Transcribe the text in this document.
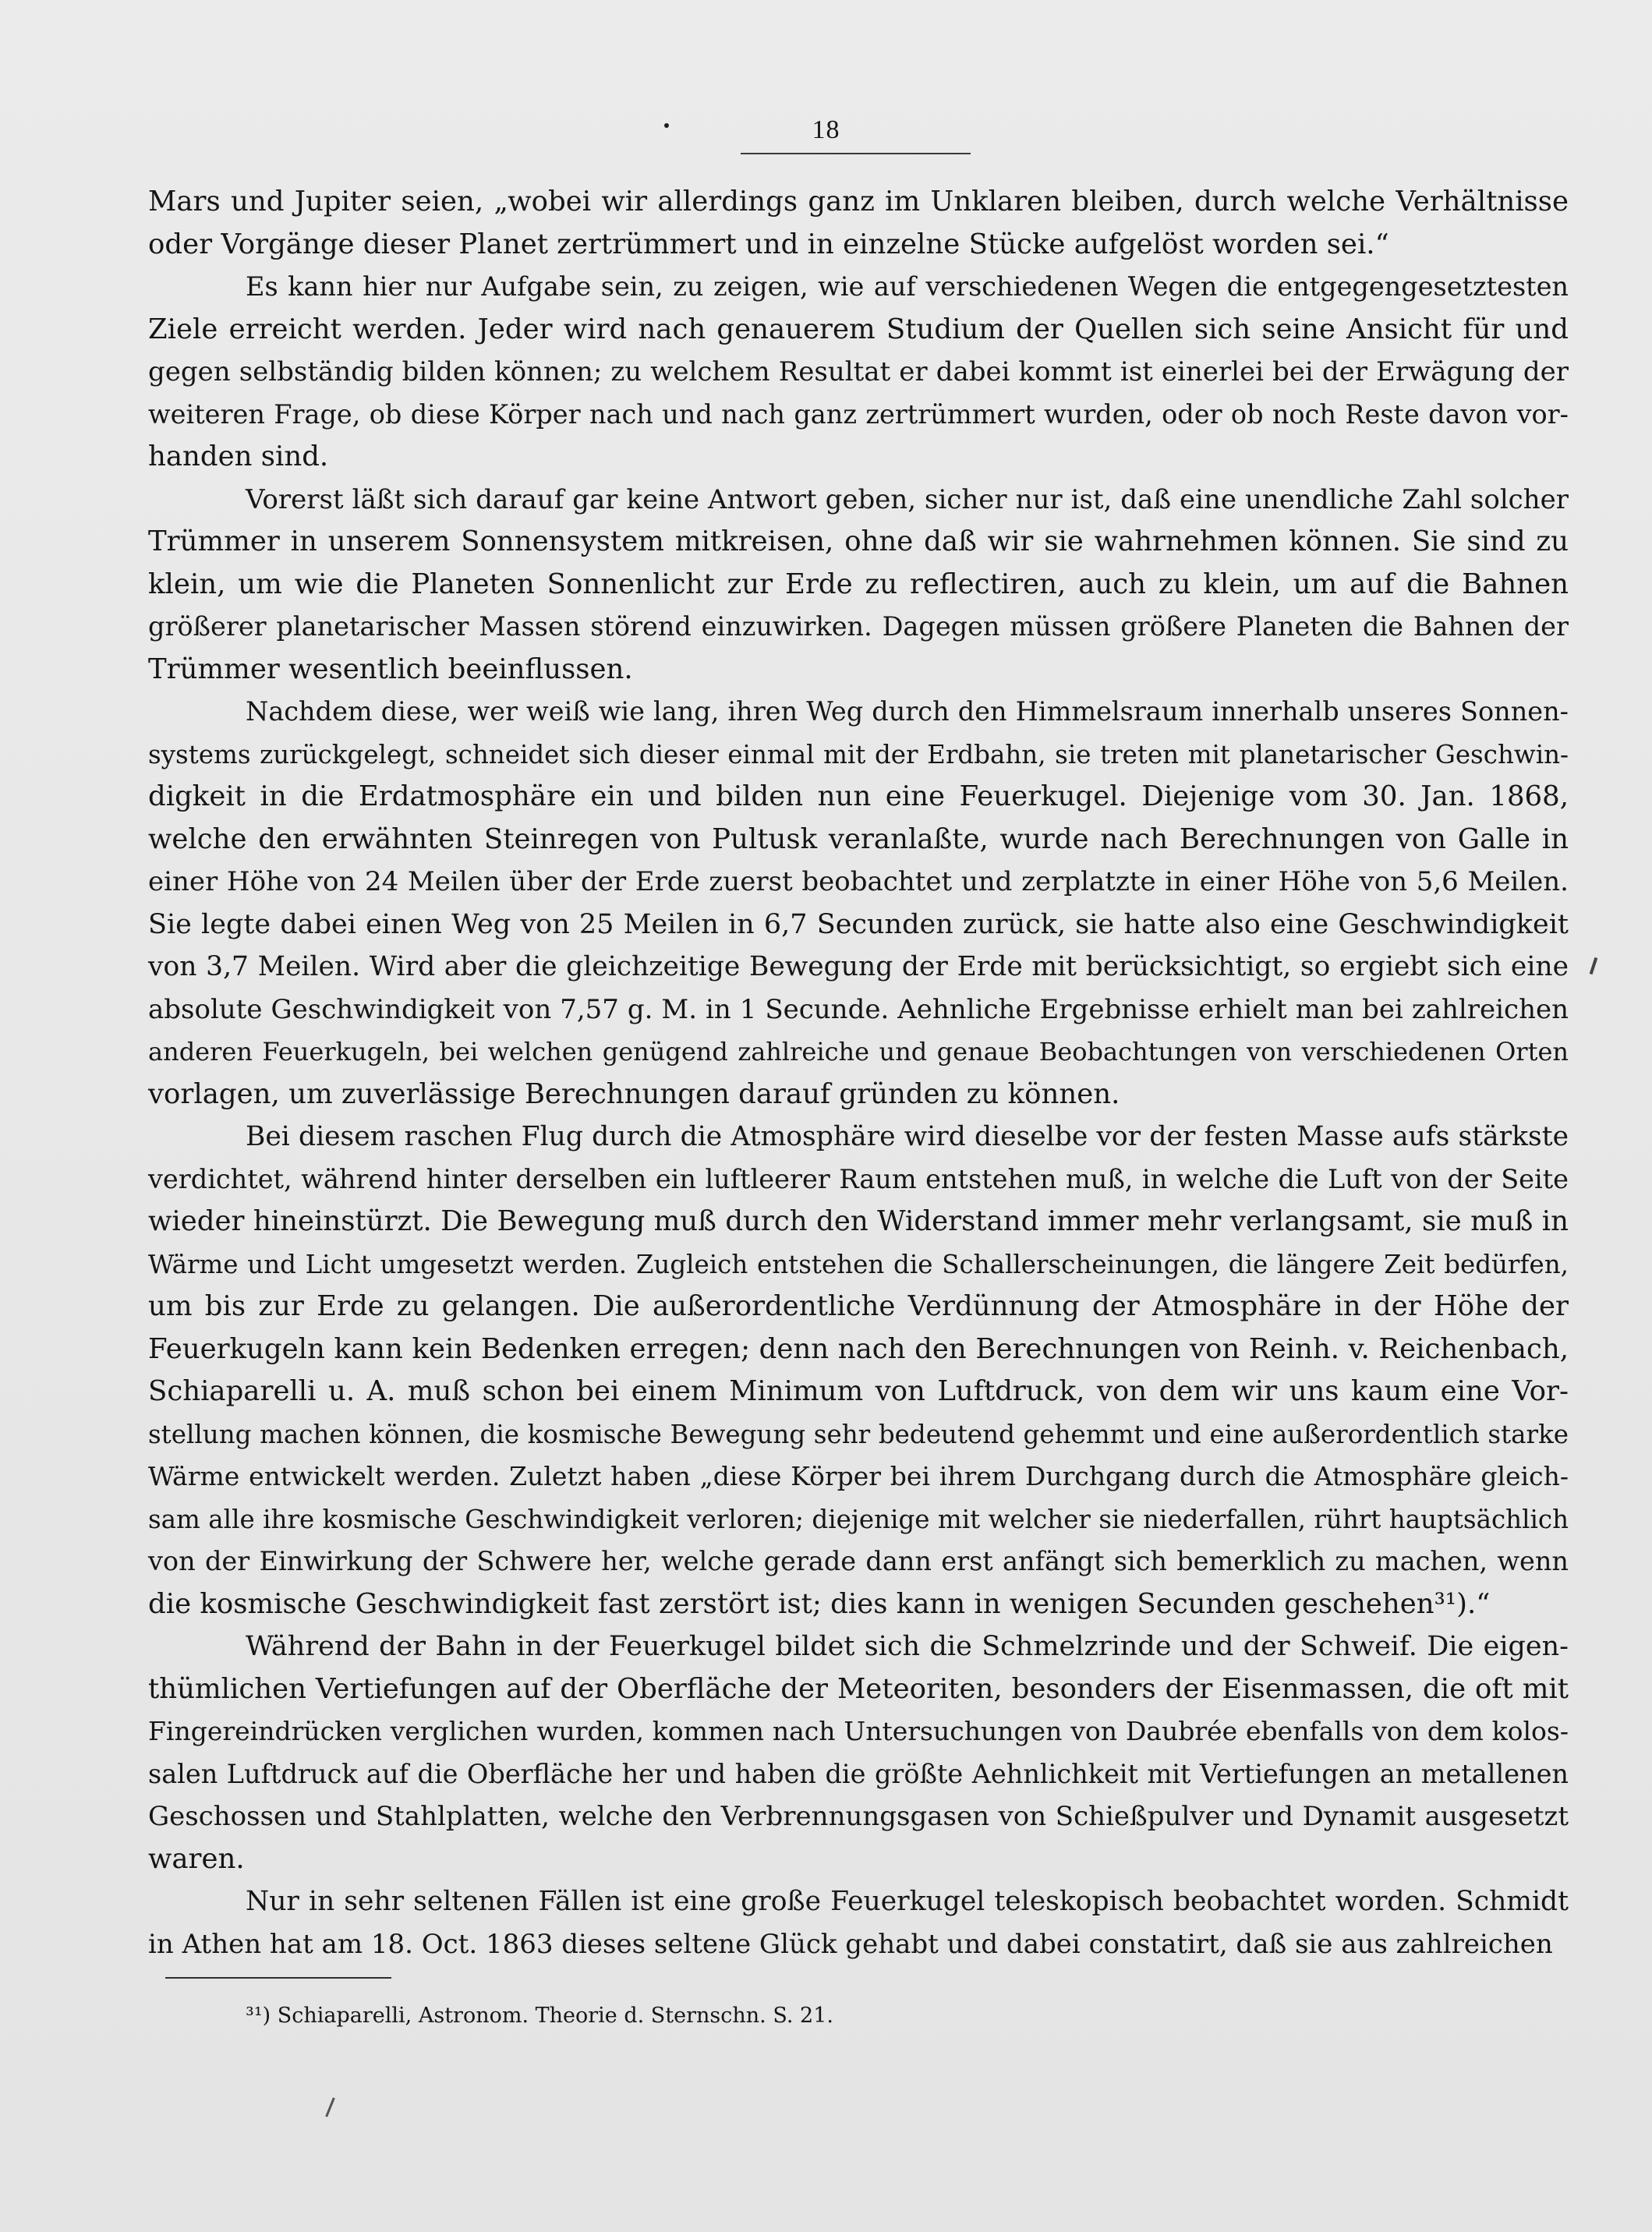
18
Mars und Jupiter seien, „wobei wir allerdings ganz im Unklaren bleiben, durch welche Verhältnisse
oder Vorgänge dieser Planet zertrümmert und in einzelne Stücke aufgelöst worden sei.“
Es kann hier nur Aufgabe sein, zu zeigen, wie auf verschiedenen Wegen die entgegengesetztesten
Ziele erreicht werden. Jeder wird nach genauerem Studium der Quellen sich seine Ansicht für und
gegen selbständig bilden können; zu welchem Resultat er dabei kommt ist einerlei bei der Erwägung der
weiteren Frage, ob diese Körper nach und nach ganz zertrümmert wurden, oder ob noch Reste davon vor-
handen sind.
Vorerst läßt sich darauf gar keine Antwort geben, sicher nur ist, daß eine unendliche Zahl solcher
Trümmer in unserem Sonnensystem mitkreisen, ohne daß wir sie wahrnehmen können. Sie sind zu
klein, um wie die Planeten Sonnenlicht zur Erde zu reflectiren, auch zu klein, um auf die Bahnen
größerer planetarischer Massen störend einzuwirken. Dagegen müssen größere Planeten die Bahnen der
Trümmer wesentlich beeinflussen.
Nachdem diese, wer weiß wie lang, ihren Weg durch den Himmelsraum innerhalb unseres Sonnen-
systems zurückgelegt, schneidet sich dieser einmal mit der Erdbahn, sie treten mit planetarischer Geschwin-
digkeit in die Erdatmosphäre ein und bilden nun eine Feuerkugel. Diejenige vom 30. Jan. 1868,
welche den erwähnten Steinregen von Pultusk veranlaßte, wurde nach Berechnungen von Galle in
einer Höhe von 24 Meilen über der Erde zuerst beobachtet und zerplatzte in einer Höhe von 5,6 Meilen.
Sie legte dabei einen Weg von 25 Meilen in 6,7 Secunden zurück, sie hatte also eine Geschwindigkeit
von 3,7 Meilen. Wird aber die gleichzeitige Bewegung der Erde mit berücksichtigt, so ergiebt sich eine
absolute Geschwindigkeit von 7,57 g. M. in 1 Secunde. Aehnliche Ergebnisse erhielt man bei zahlreichen
anderen Feuerkugeln, bei welchen genügend zahlreiche und genaue Beobachtungen von verschiedenen Orten
vorlagen, um zuverlässige Berechnungen darauf gründen zu können.
Bei diesem raschen Flug durch die Atmosphäre wird dieselbe vor der festen Masse aufs stärkste
verdichtet, während hinter derselben ein luftleerer Raum entstehen muß, in welche die Luft von der Seite
wieder hineinstürzt. Die Bewegung muß durch den Widerstand immer mehr verlangsamt, sie muß in
Wärme und Licht umgesetzt werden. Zugleich entstehen die Schallerscheinungen, die längere Zeit bedürfen,
um bis zur Erde zu gelangen. Die außerordentliche Verdünnung der Atmosphäre in der Höhe der
Feuerkugeln kann kein Bedenken erregen; denn nach den Berechnungen von Reinh. v. Reichenbach,
Schiaparelli u. A. muß schon bei einem Minimum von Luftdruck, von dem wir uns kaum eine Vor-
stellung machen können, die kosmische Bewegung sehr bedeutend gehemmt und eine außerordentlich starke
Wärme entwickelt werden. Zuletzt haben „diese Körper bei ihrem Durchgang durch die Atmosphäre gleich-
sam alle ihre kosmische Geschwindigkeit verloren; diejenige mit welcher sie niederfallen, rührt hauptsächlich
von der Einwirkung der Schwere her, welche gerade dann erst anfängt sich bemerklich zu machen, wenn
die kosmische Geschwindigkeit fast zerstört ist; dies kann in wenigen Secunden geschehen³¹).“
Während der Bahn in der Feuerkugel bildet sich die Schmelzrinde und der Schweif. Die eigen-
thümlichen Vertiefungen auf der Oberfläche der Meteoriten, besonders der Eisenmassen, die oft mit
Fingereindrücken verglichen wurden, kommen nach Untersuchungen von Daubrée ebenfalls von dem kolos-
salen Luftdruck auf die Oberfläche her und haben die größte Aehnlichkeit mit Vertiefungen an metallenen
Geschossen und Stahlplatten, welche den Verbrennungsgasen von Schießpulver und Dynamit ausgesetzt
waren.
Nur in sehr seltenen Fällen ist eine große Feuerkugel teleskopisch beobachtet worden. Schmidt
in Athen hat am 18. Oct. 1863 dieses seltene Glück gehabt und dabei constatirt, daß sie aus zahlreichen
³¹) Schiaparelli, Astronom. Theorie d. Sternschn. S. 21.
